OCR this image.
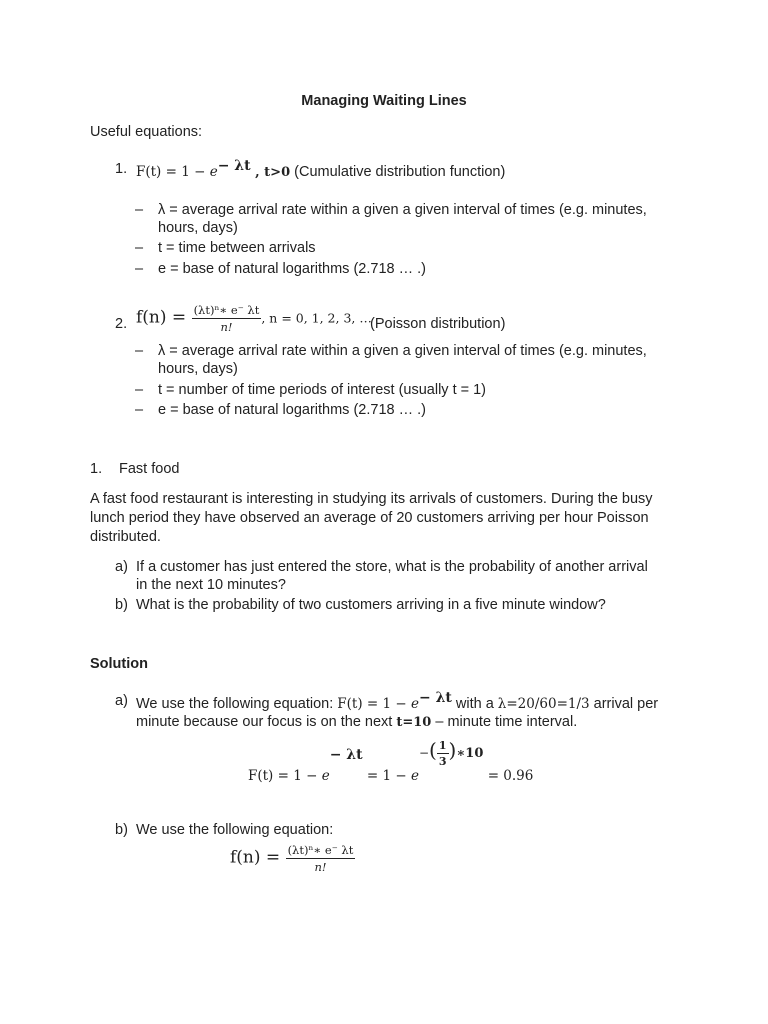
Managing Waiting Lines
Useful equations:
1. $F(t) = 1 - e^{- \lambda t}$ , t>0 (Cumulative distribution function)
– λ = average arrival rate within a given a given interval of times (e.g. minutes,
hours, days)
– t = time between arrivals
– e = base of natural logarithms (2.718 … .)
2. $f(n) = \frac{\text{(λt)ⁿ∗ e⁻ λt}}{n!}$ , n = 0, 1, 2, 3, …
(Poisson distribution)
– λ = average arrival rate within a given a given interval of times (e.g. minutes,
hours, days)
– t = number of time periods of interest (usually t = 1)
– e = base of natural logarithms (2.718 … .)
1. Fast food
A fast food restaurant is interesting in studying its arrivals of customers. During the busy
lunch period they have observed an average of 20 customers arriving per hour Poisson
distributed.
a) If a customer has just entered the store, what is the probability of another arrival
in the next 10 minutes?
b) What is the probability of two customers arriving in a five minute window?
Solution
a) We use the following equation: $F(t) = 1 - e^{- \lambda t}$ with a λ=20/60=1/3 arrival per
minute because our focus is on the next t=10 – minute time interval.
$F(t) = 1 - e^{- \lambda t} = 1 - e-( \frac{1}{3}$ )∗10 = 0.96
b) We use the following equation:
$f(n) = \frac{\text{(λt)ⁿ∗ e⁻ λt}}{n!}$
